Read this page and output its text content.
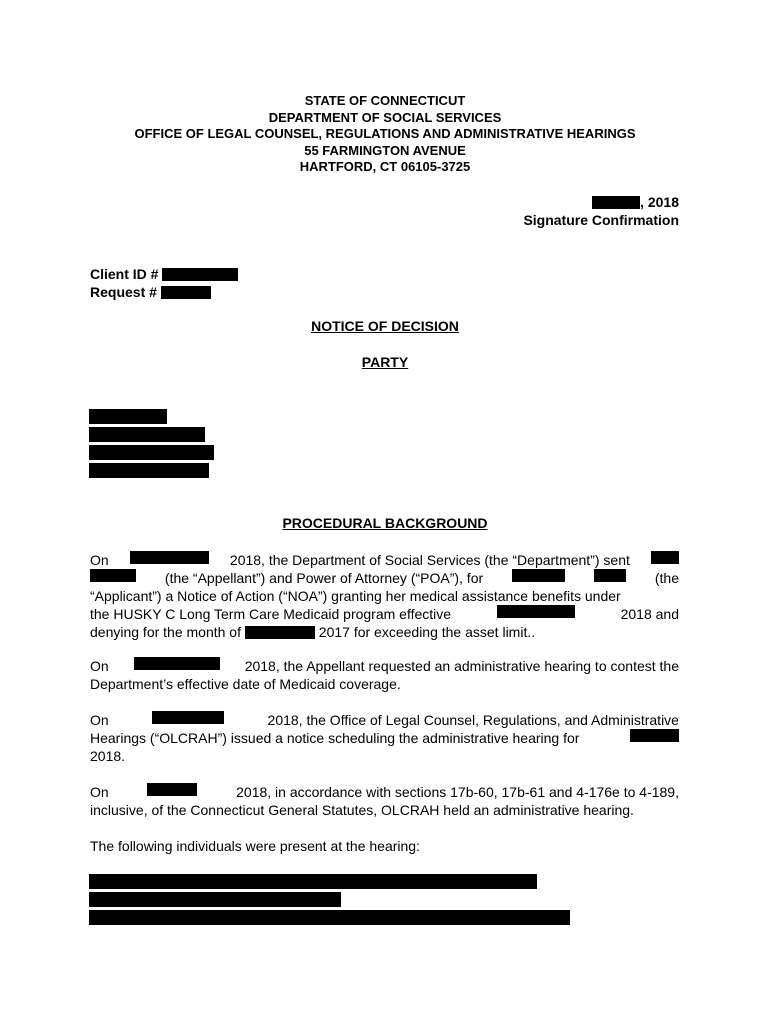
STATE OF CONNECTICUT
DEPARTMENT OF SOCIAL SERVICES
OFFICE OF LEGAL COUNSEL, REGULATIONS AND ADMINISTRATIVE HEARINGS
55 FARMINGTON AVENUE
HARTFORD, CT 06105-3725
, 2018
Signature Confirmation
Client ID #
Request #
NOTICE OF DECISION
PARTY
PROCEDURAL BACKGROUND
On	2018, the Department of Social Services (the “Department”) sent
(the “Appellant”) and Power of Attorney (“POA”), for	(the
“Applicant”) a Notice of Action (“NOA”) granting her medical assistance benefits under
the HUSKY C Long Term Care Medicaid program effective	2018 and
denying for the month of	2017 for exceeding the asset limit..
On	2018, the Appellant requested an administrative hearing to contest the
Department’s effective date of Medicaid coverage.
On	2018, the Office of Legal Counsel, Regulations, and Administrative
Hearings (“OLCRAH”) issued a notice scheduling the administrative hearing for
2018.
On	2018, in accordance with sections 17b-60, 17b-61 and 4-176e to 4-189,
inclusive, of the Connecticut General Statutes, OLCRAH held an administrative hearing.
The following individuals were present at the hearing:
